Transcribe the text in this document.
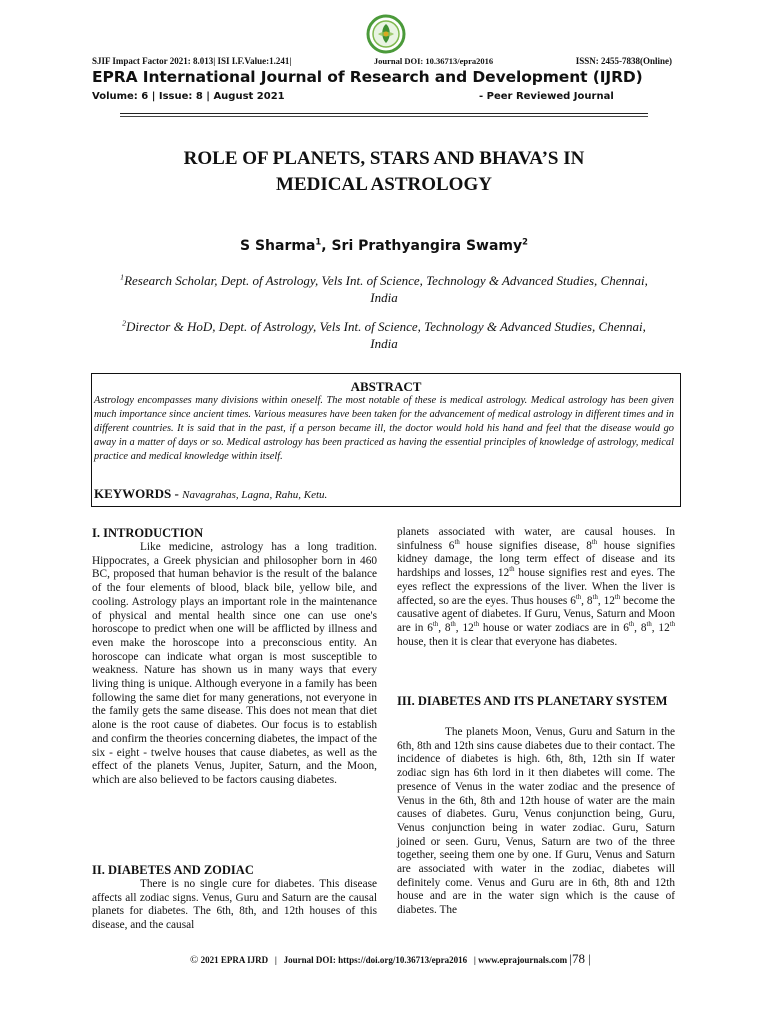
SJIF Impact Factor 2021: 8.013| ISI I.F.Value:1.241|	Journal DOI: 10.36713/epra2016	ISSN: 2455-7838(Online)
EPRA International Journal of Research and Development (IJRD)
Volume: 6 | Issue: 8 | August 2021	- Peer Reviewed Journal
ROLE OF PLANETS, STARS AND BHAVA’S IN
MEDICAL ASTROLOGY
S Sharma$^1$, Sri Prathyangira Swamy$^2$
$^1$Research Scholar, Dept. of Astrology, Vels Int. of Science, Technology & Advanced Studies, Chennai, India
$^2$Director & HoD, Dept. of Astrology, Vels Int. of Science, Technology & Advanced Studies, Chennai, India
ABSTRACT
Astrology encompasses many divisions within oneself. The most notable of these is medical astrology. Medical astrology has been given much importance since ancient times. Various measures have been taken for the advancement of medical astrology in different times and in different countries. It is said that in the past, if a person became ill, the doctor would hold his hand and feel that the disease would go away in a matter of days or so. Medical astrology has been practiced as having the essential principles of knowledge of astrology, medical practice and medical knowledge within itself.
KEYWORDS - Navagrahas, Lagna, Rahu, Ketu.
I. INTRODUCTION
Like medicine, astrology has a long tradition. Hippocrates, a Greek physician and philosopher born in 460 BC, proposed that human behavior is the result of the balance of the four elements of blood, black bile, yellow bile, and cooling. Astrology plays an important role in the maintenance of physical and mental health since one can use one's horoscope to predict when one will be afflicted by illness and even make the horoscope into a preconscious entity. An horoscope can indicate what organ is most susceptible to weakness. Nature has shown us in many ways that every living thing is unique. Although everyone in a family has been following the same diet for many generations, not everyone in the family gets the same disease. This does not mean that diet alone is the root cause of diabetes. Our focus is to establish and confirm the theories concerning diabetes, the impact of the six - eight - twelve houses that cause diabetes, as well as the effect of the planets Venus, Jupiter, Saturn, and the Moon, which are also believed to be factors causing diabetes.
II. DIABETES AND ZODIAC
There is no single cure for diabetes. This disease affects all zodiac signs. Venus, Guru and Saturn are the causal planets for diabetes. The 6th, 8th, and 12th houses of this disease, and the causal
planets associated with water, are causal houses. In sinfulness 6th house signifies disease, 8th house signifies kidney damage, the long term effect of disease and its hardships and losses, 12th house signifies rest and eyes. The eyes reflect the expressions of the liver. When the liver is affected, so are the eyes. Thus houses 6th, 8th, 12th become the causative agent of diabetes. If Guru, Venus, Saturn and Moon are in 6th, 8th, 12th house or water zodiacs are in 6th, 8th, 12th house, then it is clear that everyone has diabetes.
III. DIABETES AND ITS PLANETARY SYSTEM
The planets Moon, Venus, Guru and Saturn in the 6th, 8th and 12th sins cause diabetes due to their contact. The incidence of diabetes is high. 6th, 8th, 12th sin If water zodiac sign has 6th lord in it then diabetes will come. The presence of Venus in the water zodiac and the presence of Venus in the 6th, 8th and 12th house of water are the main causes of diabetes. Guru, Venus conjunction being, Guru, Venus conjunction being in water zodiac. Guru, Saturn joined or seen. Guru, Venus, Saturn are two of the three together, seeing them one by one. If Guru, Venus and Saturn are associated with water in the zodiac, diabetes will definitely come. Venus and Guru are in 6th, 8th and 12th house and are in the water sign which is the cause of diabetes. The
© 2021 EPRA IJRD | Journal DOI: https://doi.org/10.36713/epra2016 | www.eprajournals.com |78 |
